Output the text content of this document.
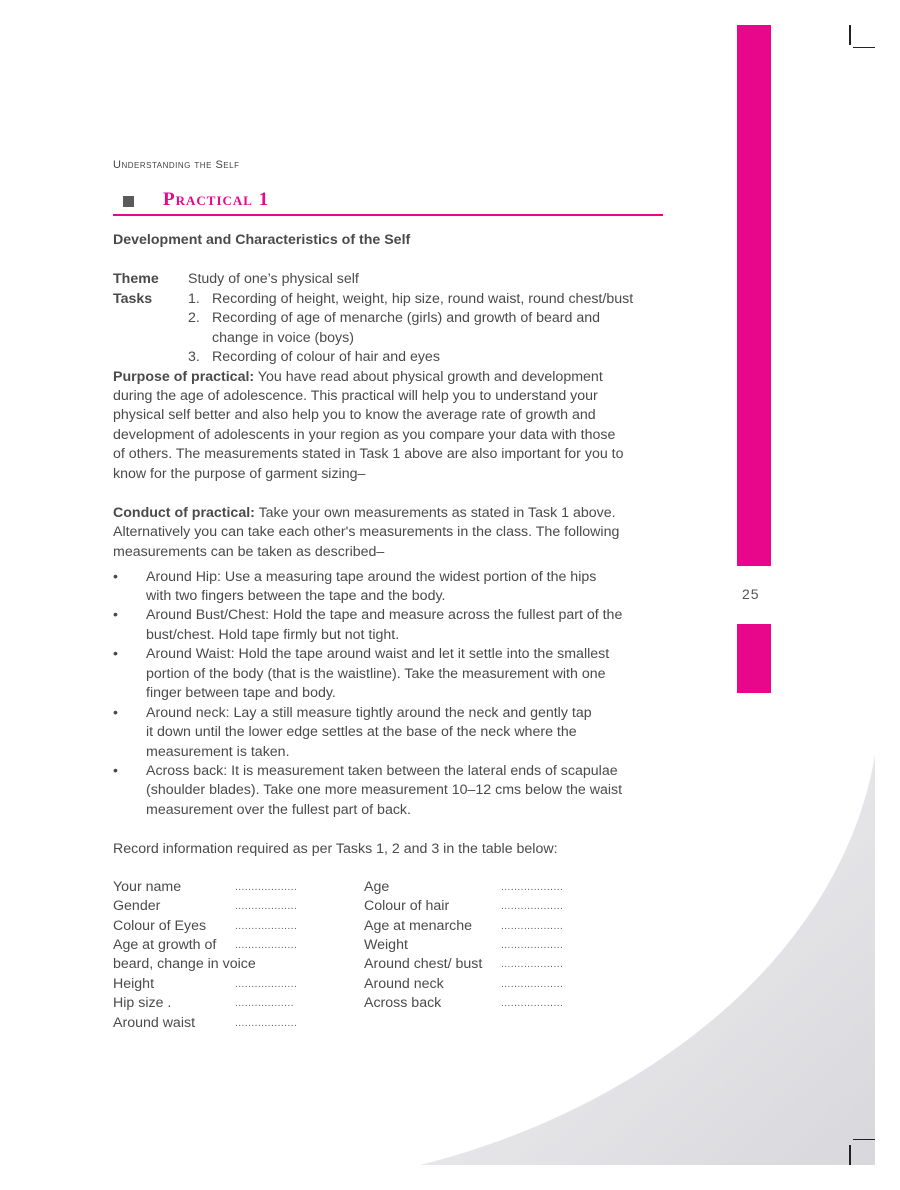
25
Understanding the Self
Practical 1
Development and Characteristics of the Self
Theme Study of one’s physical self
Tasks	1. Recording of height, weight, hip size, round waist, round chest/bust
2. Recording of age of menarche (girls) and growth of beard and
change in voice (boys)
3. Recording of colour of hair and eyes
Purpose of practical: You have read about physical growth and development
during the age of adolescence. This practical will help you to understand your
physical self better and also help you to know the average rate of growth and
development of adolescents in your region as you compare your data with those
of others. The measurements stated in Task 1 above are also important for you to
know for the purpose of garment sizing–
Conduct of practical: Take your own measurements as stated in Task 1 above.
Alternatively you can take each other's measurements in the class. The following
measurements can be taken as described–
• Around Hip: Use a measuring tape around the widest portion of the hips
with two fingers between the tape and the body.
• Around Bust/Chest: Hold the tape and measure across the fullest part of the
bust/chest. Hold tape firmly but not tight.
• Around Waist: Hold the tape around waist and let it settle into the smallest
portion of the body (that is the waistline). Take the measurement with one
finger between tape and body.
• Around neck: Lay a still measure tightly around the neck and gently tap
it down until the lower edge settles at the base of the neck where the
measurement is taken.
• Across back: It is measurement taken between the lateral ends of scapulae
(shoulder blades). Take one more measurement 10–12 cms below the waist
measurement over the fullest part of back.
Record information required as per Tasks 1, 2 and 3 in the table below:
Your name	...................
Gender	...................
Colour of Eyes	...................
Age at growth of ...................
beard, change in voice
Height	...................
Hip size .	..................
Around waist	...................
Age	...................
Colour of hair	...................
Age at menarche	...................
Weight	...................
Around chest/ bust ...................
Around neck	...................
Across back	...................
